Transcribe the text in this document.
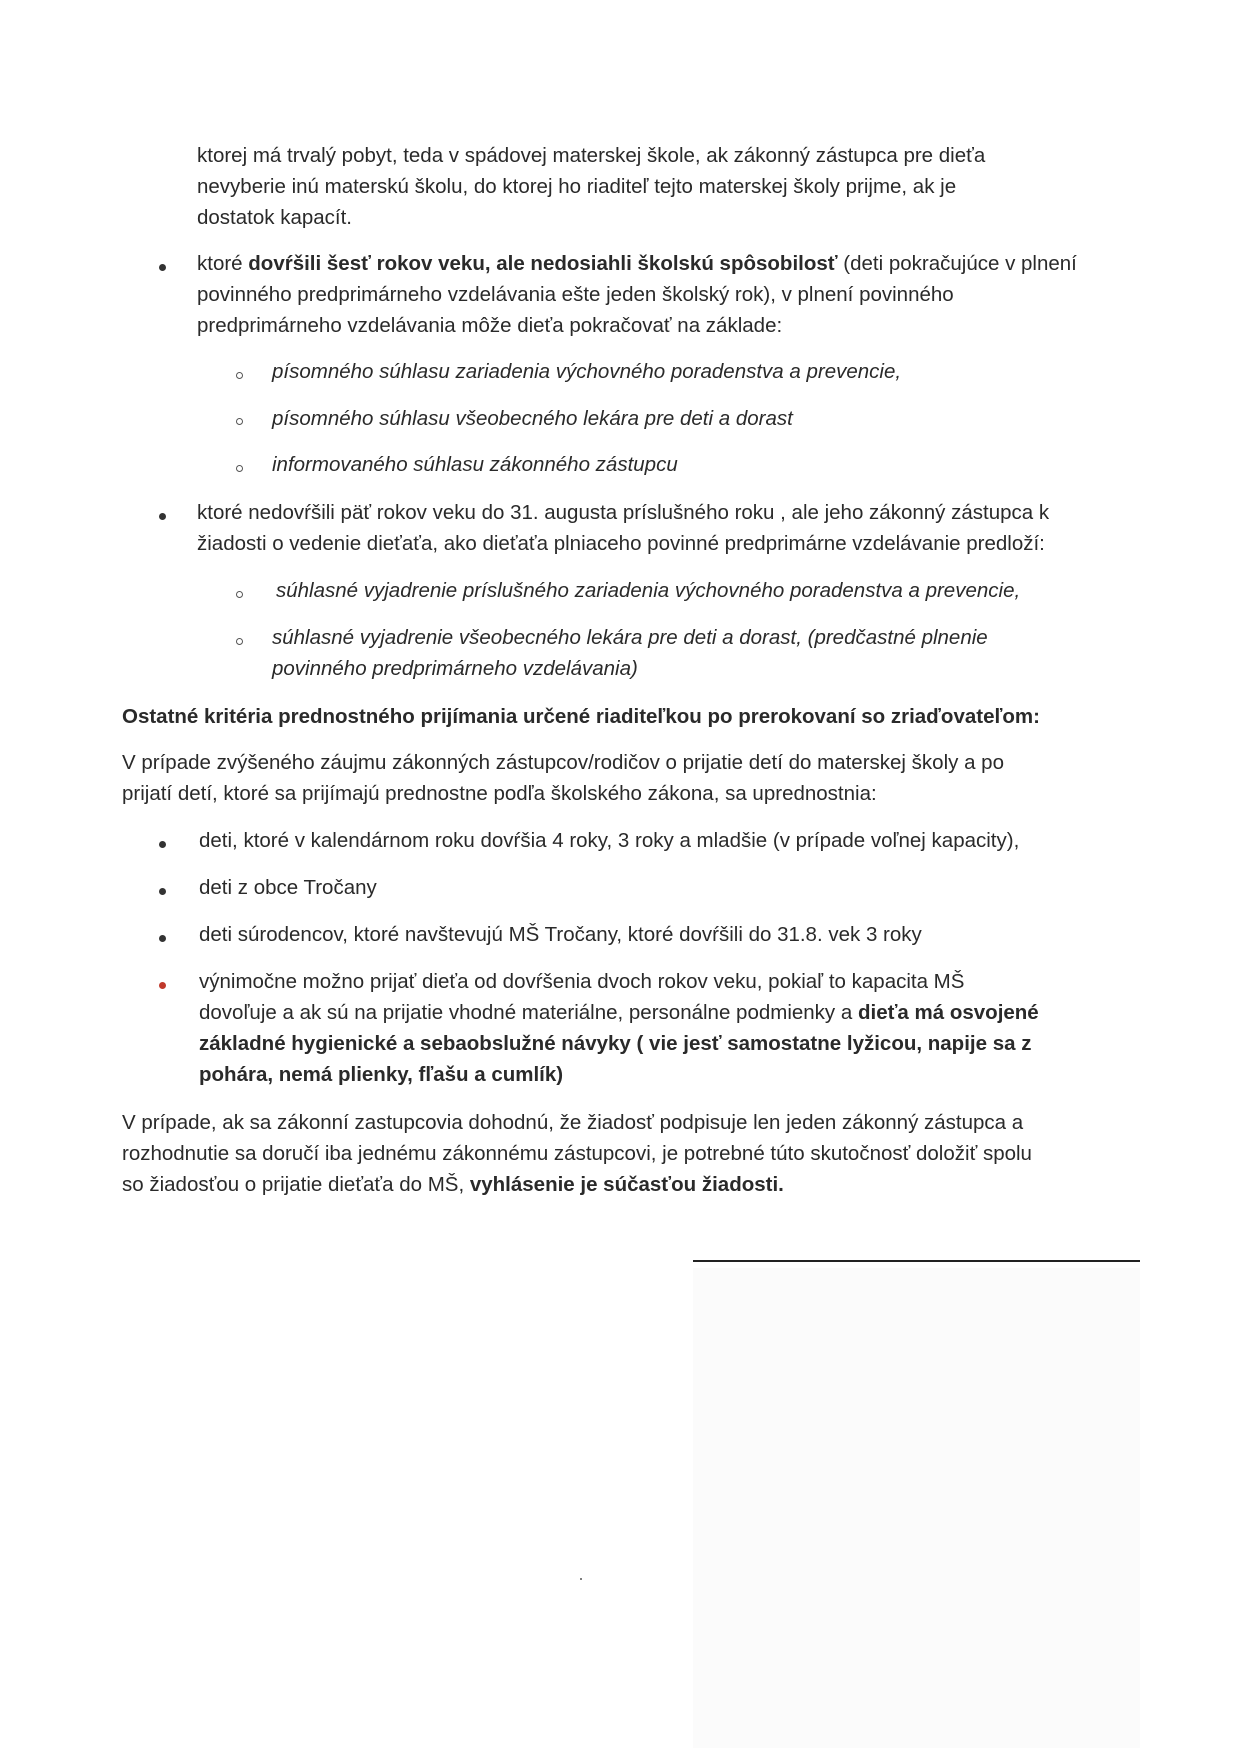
ktorej má trvalý pobyt, teda v spádovej materskej škole, ak zákonný zástupca pre dieťa
nevyberie inú materskú školu, do ktorej ho riaditeľ tejto materskej školy prijme, ak je
dostatok kapacít.
ktoré dovŕšili šesť rokov veku, ale nedosiahli školskú spôsobilosť (deti pokračujúce v plnení
povinného predprimárneho vzdelávania ešte jeden školský rok), v plnení povinného
predprimárneho vzdelávania môže dieťa pokračovať na základe:
písomného súhlasu zariadenia výchovného poradenstva a prevencie,
písomného súhlasu všeobecného lekára pre deti a dorast
informovaného súhlasu zákonného zástupcu
ktoré nedovŕšili päť rokov veku do 31. augusta príslušného roku , ale jeho zákonný zástupca k
žiadosti o vedenie dieťaťa, ako dieťaťa plniaceho povinné predprimárne vzdelávanie predloží:
súhlasné vyjadrenie príslušného zariadenia výchovného poradenstva a prevencie,
súhlasné vyjadrenie všeobecného lekára pre deti a dorast, (predčastné plnenie
povinného predprimárneho vzdelávania)
Ostatné kritéria prednostného prijímania určené riaditeľkou po prerokovaní so zriaďovateľom:
V prípade zvýšeného záujmu zákonných zástupcov/rodičov o prijatie detí do materskej školy a po
prijatí detí, ktoré sa prijímajú prednostne podľa školského zákona, sa uprednostnia:
deti, ktoré v kalendárnom roku dovŕšia 4 roky, 3 roky a mladšie (v prípade voľnej kapacity),
deti z obce Tročany
deti súrodencov, ktoré navštevujú MŠ Tročany, ktoré dovŕšili do 31.8. vek 3 roky
výnimočne možno prijať dieťa od dovŕšenia dvoch rokov veku, pokiaľ to kapacita MŠ
dovoľuje a ak sú na prijatie vhodné materiálne, personálne podmienky a dieťa má osvojené
základné hygienické a sebaobslužné návyky ( vie jesť samostatne lyžicou, napije sa z
pohára, nemá plienky, fľašu a cumlík)
V prípade, ak sa zákonní zastupcovia dohodnú, že žiadosť podpisuje len jeden zákonný zástupca a
rozhodnutie sa doručí iba jednému zákonnému zástupcovi, je potrebné túto skutočnosť doložiť spolu
so žiadosťou o prijatie dieťaťa do MŠ, vyhlásenie je súčasťou žiadosti.
